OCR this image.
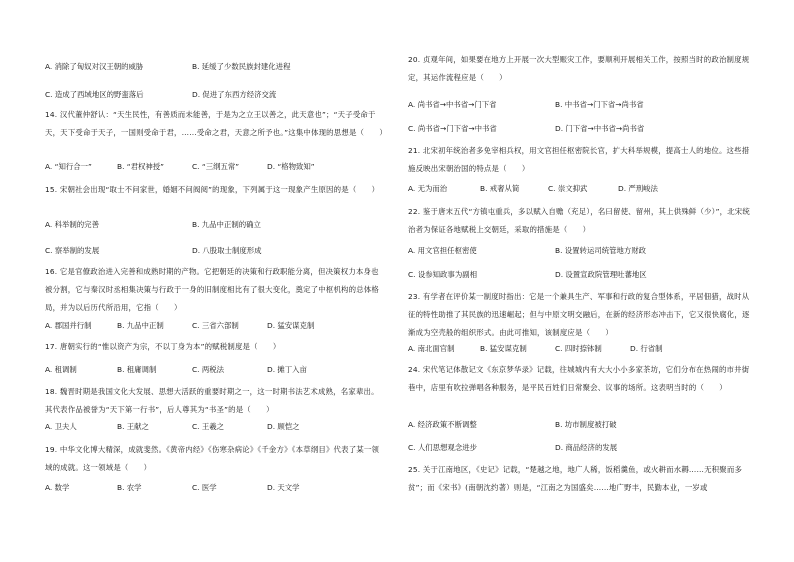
A. 消除了匈奴对汉王朝的威胁	B. 延缓了少数民族封建化进程
C. 造成了西域地区的野蛮落后	D. 促进了东西方经济交流
14. 汉代董仲舒认：“天生民性，有善质而未能善，于是为之立王以善之，此天意也”；“天子受命于天，天下受命于天子，一国则受命于君，……受命之君，天意之所予也。”这集中体现的思想是（　　）
A. “知行合一”	B. “君权神授”	C. “三纲五常”	D. “格物致知”
15. 宋朝社会出现“取士不问家世，婚姻不问阀阅”的现象，下列属于这一现象产生原因的是（　　）
A. 科举制的完善	B. 九品中正制的确立
C. 察举制的发展	D. 八股取士制度形成
16. 它是官僚政治进入完善和成熟时期的产物。它把朝廷的决策和行政职能分离，但决策权力本身也被分割，它与秦汉时丞相集决策与行政于一身的旧制度相比有了很大变化，奠定了中枢机构的总体格局，并为以后历代所沿用，它指（　　）
A. 郡国并行制	B. 九品中正制	C. 三省六部制	D. 猛安谋克制
17. 唐朝实行的“惟以资产为宗，不以丁身为本”的赋税制度是（　　）
A. 租调制	B. 租庸调制	C. 两税法	D. 摊丁入亩
18. 魏晋时期是我国文化大发展、思想大活跃的重要时期之一，这一时期书法艺术成熟，名家辈出。其代表作品被誉为“天下第一行书”，后人尊其为“书圣”的是（　　）
A. 卫夫人	B. 王献之	C. 王羲之	D. 顾恺之
19. 中华文化博大精深，成就斐然。《黄帝内经》《伤寒杂病论》《千金方》《本草纲目》代表了某一领域的成就。这一领域是（　　）
A. 数学	B. 农学	C. 医学	D. 天文学
20. 贞观年间，如果要在地方上开展一次大型赈灾工作，要顺利开展相关工作，按照当时的政治制度规定，其运作流程应是（　　）
A. 尚书省→中书省→门下省	B. 中书省→门下省→尚书省
C. 尚书省→门下省→中书省	D. 门下省→中书省→尚书省
21. 北宋初年统治者多免宰相兵权，用文官担任枢密院长官，扩大科举规模，提高士人的地位。这些措施反映出宋朝治国的特点是（　　）
A. 无为而治	B. 戒奢从简	C. 崇文抑武	D. 严刑峻法
22. 鉴于唐末五代“方镇屯重兵，多以赋入自赡（充足），名曰留使、留州，其上供殊鲜（少）”，北宋统治者为保证各地赋税上交朝廷，采取的措施是（　　）
A. 用文官担任枢密使	B. 设置转运司统管地方财政
C. 设参知政事为副相	D. 设置宣政院管理吐蕃地区
23. 有学者在评价某一制度时指出：它是一个兼具生产、军事和行政的复合型体系，平居佃猎，战时从征的特性助推了其民族的迅速崛起；但与中原文明交融后，在新的经济形态冲击下，它又很快腐化，逐渐成为空壳般的组织形式。由此可推知，该制度应是（　　）
A. 南北面官制	B. 猛安谋克制	C. 四时捺钵制	D. 行省制
24. 宋代笔记体散记文《东京梦华录》记载，往城城内有大大小小多家茶坊，它们分布在热闹的市井街巷中，店里有吹拉弹唱各种服务，是平民百姓们日常聚会、议事的场所。这表明当时的（　　）
A. 经济政策不断调整	B. 坊市制度被打破
C. 人们思想观念进步	D. 商品经济的发展
25. 关于江南地区，《史记》记载，“楚越之地，地广人稀，饭稻羹鱼，或火耕而水耨……无积聚而多贫”；而《宋书》(南朝沈约著）则是，“江南之为国盛矣……地广野丰，民勤本业，一岁或
